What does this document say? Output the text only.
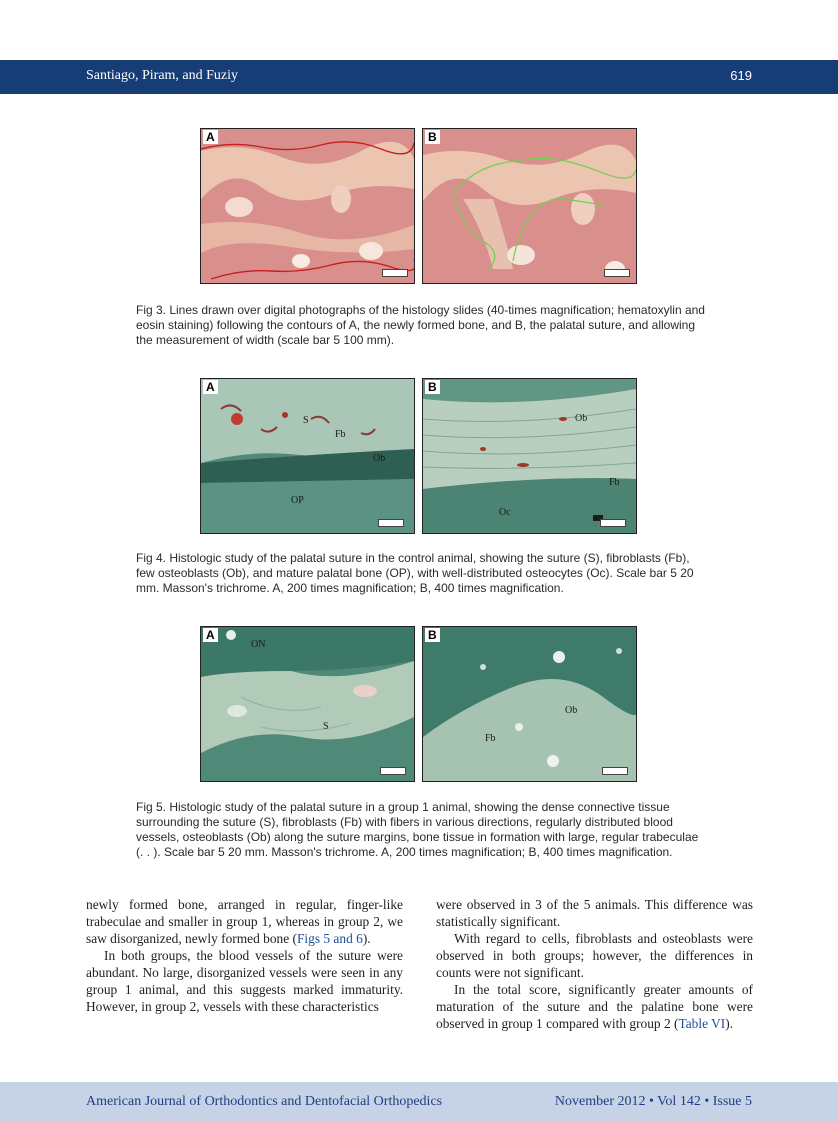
Santiago, Piram, and Fuziy	619
A	B
Fig 3. Lines drawn over digital photographs of the histology slides (40-times magnification; hematoxylin and eosin staining) following the contours of A, the newly formed bone, and B, the palatal suture, and allowing the measurement of width (scale bar 5 100 mm).
A
S
Fb
Ob
OP
B
Ob
Fb
Oc
Fig 4. Histologic study of the palatal suture in the control animal, showing the suture (S), fibroblasts (Fb), few osteoblasts (Ob), and mature palatal bone (OP), with well-distributed osteocytes (Oc). Scale bar 5 20 mm. Masson's trichrome. A, 200 times magnification; B, 400 times magnification.
A
ON
S
B
Ob
Fb
Fig 5. Histologic study of the palatal suture in a group 1 animal, showing the dense connective tissue surrounding the suture (S), fibroblasts (Fb) with fibers in various directions, regularly distributed blood vessels, osteoblasts (Ob) along the suture margins, bone tissue in formation with large, regular trabeculae (. . ). Scale bar 5 20 mm. Masson's trichrome. A, 200 times magnification; B, 400 times magnification.

newly formed bone, arranged in regular, finger-like trabeculae and smaller in group 1, whereas in group 2, we saw disorganized, newly formed bone (Figs 5 and 6).

In both groups, the blood vessels of the suture were abundant. No large, disorganized vessels were seen in any group 1 animal, and this suggests marked immaturity. However, in group 2, vessels with these characteristics

were observed in 3 of the 5 animals. This difference was statistically significant.

With regard to cells, fibroblasts and osteoblasts were observed in both groups; however, the differences in counts were not significant.

In the total score, significantly greater amounts of maturation of the suture and the palatine bone were observed in group 1 compared with group 2 (Table VI).

American Journal of Orthodontics and Dentofacial Orthopedics	November 2012 • Vol 142 • Issue 5
